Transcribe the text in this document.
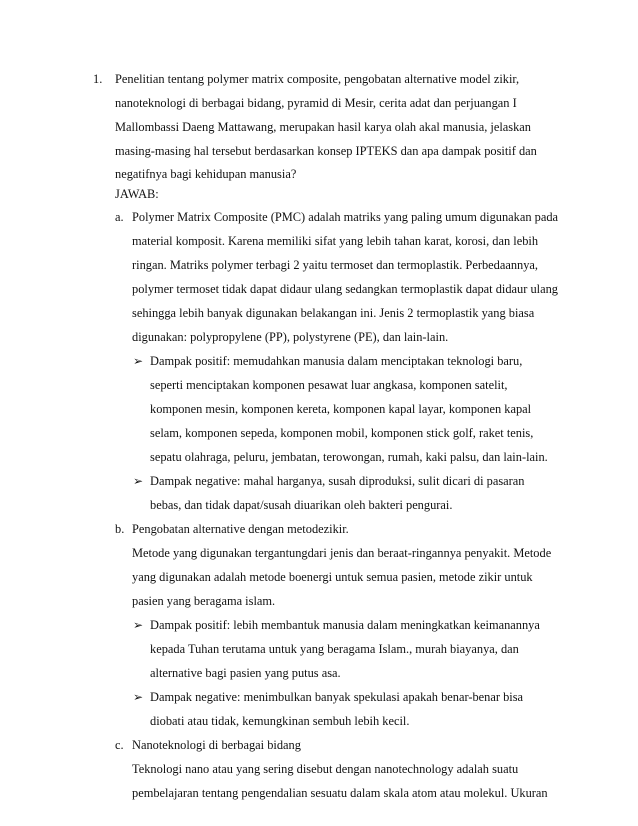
1. Penelitian tentang polymer matrix composite, pengobatan alternative model zikir,
nanoteknologi di berbagai bidang, pyramid di Mesir, cerita adat dan perjuangan I
Mallombassi Daeng Mattawang, merupakan hasil karya olah akal manusia, jelaskan
masing-masing hal tersebut berdasarkan konsep IPTEKS dan apa dampak positif dan
negatifnya bagi kehidupan manusia?
JAWAB:
a. Polymer Matrix Composite (PMC) adalah matriks yang paling umum digunakan pada
material komposit. Karena memiliki sifat yang lebih tahan karat, korosi, dan lebih
ringan. Matriks polymer terbagi 2 yaitu termoset dan termoplastik. Perbedaannya,
polymer termoset tidak dapat didaur ulang sedangkan termoplastik dapat didaur ulang
sehingga lebih banyak digunakan belakangan ini. Jenis 2 termoplastik yang biasa
digunakan: polypropylene (PP), polystyrene (PE), dan lain-lain.
➢ Dampak positif: memudahkan manusia dalam menciptakan teknologi baru,
seperti menciptakan komponen pesawat luar angkasa, komponen satelit,
komponen mesin, komponen kereta, komponen kapal layar, komponen kapal
selam, komponen sepeda, komponen mobil, komponen stick golf, raket tenis,
sepatu olahraga, peluru, jembatan, terowongan, rumah, kaki palsu, dan lain-lain.
➢ Dampak negative: mahal harganya, susah diproduksi, sulit dicari di pasaran
bebas, dan tidak dapat/susah diuarikan oleh bakteri pengurai.
b. Pengobatan alternative dengan metodezikir.
Metode yang digunakan tergantungdari jenis dan beraat-ringannya penyakit. Metode
yang digunakan adalah metode boenergi untuk semua pasien, metode zikir untuk
pasien yang beragama islam.
➢ Dampak positif: lebih membantuk manusia dalam meningkatkan keimanannya
kepada Tuhan terutama untuk yang beragama Islam., murah biayanya, dan
alternative bagi pasien yang putus asa.
➢ Dampak negative: menimbulkan banyak spekulasi apakah benar-benar bisa
diobati atau tidak, kemungkinan sembuh lebih kecil.
c. Nanoteknologi di berbagai bidang
Teknologi nano atau yang sering disebut dengan nanotechnology adalah suatu
pembelajaran tentang pengendalian sesuatu dalam skala atom atau molekul. Ukuran
